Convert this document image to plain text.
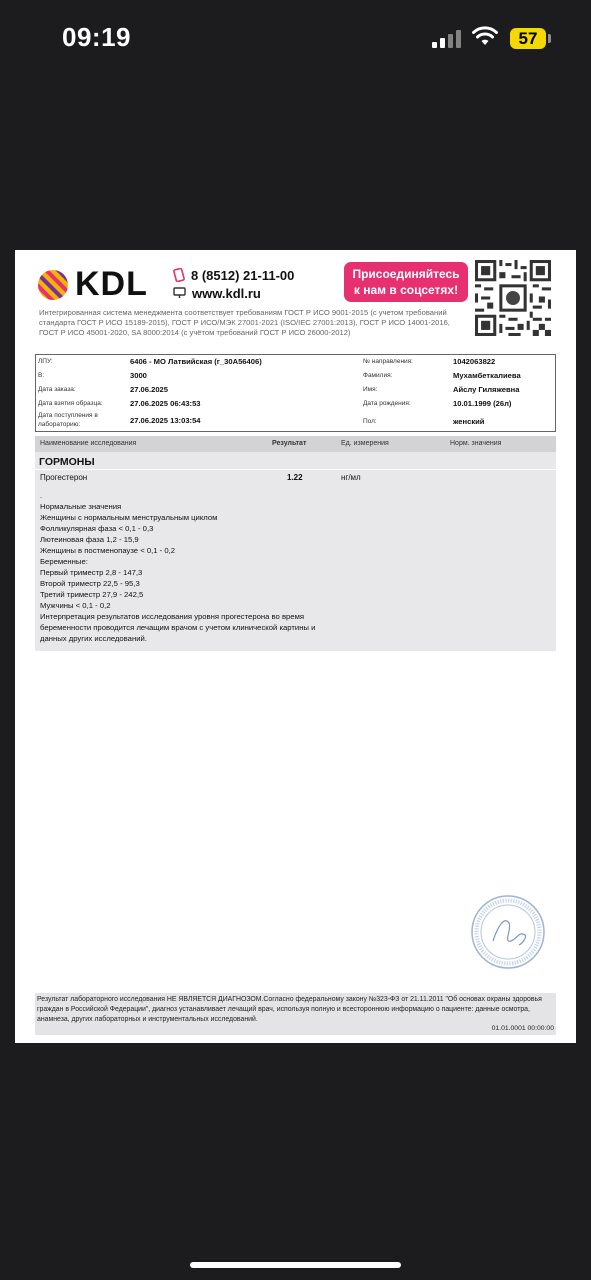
09:19	57
KDL	8 (8512) 21-11-00
www.kdl.ru
Присоединяйтесь
к нам в соцсетях!
Интегрированная система менеджмента соответствует требованиям ГОСТ Р ИСО 9001-2015 (с учетом требований стандарта ГОСТ Р ИСО 15189-2015), ГОСТ Р ИСО/МЭК 27001-2021 (ISO/IEC 27001:2013), ГОСТ Р ИСО 14001-2016, ГОСТ Р ИСО 45001-2020, SA 8000:2014 (с учётом требований ГОСТ Р ИСО 26000-2012)
ЛПУ:	6406 - МО Латвийская (г_30А56406)
В:	3000
Дата заказа:	27.06.2025
Дата взятия образца:	27.06.2025 06:43:53
Дата поступления в
лабораторию:	27.06.2025 13:03:54
№ направления:	1042063822
Фамилия:	Мухамбеткалиева
Имя:	Айслу Гиляжевна
Дата рождения:	10.01.1999 (26л)
Пол:	женский
Наименование исследования	Результат	Ед. измерения	Норм. значения
ГОРМОНЫ
Прогестерон	1.22	нг/мл
.
Нормальные значения
Женщины с нормальным менструальным циклом
Фолликулярная фаза < 0,1 - 0,3
Лютеиновая фаза 1,2 - 15,9
Женщины в постменопаузе < 0,1 - 0,2
Беременные:
Первый триместр 2,8 - 147,3
Второй триместр 22,5 - 95,3
Третий триместр 27,9 - 242,5
Мужчины < 0,1 - 0,2
Интерпретация результатов исследования уровня прогестерона во время
беременности проводится лечащим врачом с учетом клинической картины и
данных других исследований.
Результат лабораторного исследования НЕ ЯВЛЯЕТСЯ ДИАГНОЗОМ.Согласно федеральному закону №323-ФЗ от 21.11.2011 "Об основах охраны здоровья граждан в Российской Федерации", диагноз устанавливает лечащий врач, используя полную и всестороннюю информацию о пациенте: данные осмотра, анамнеза, других лабораторных и инструментальных исследований.
01.01.0001 00:00:00
